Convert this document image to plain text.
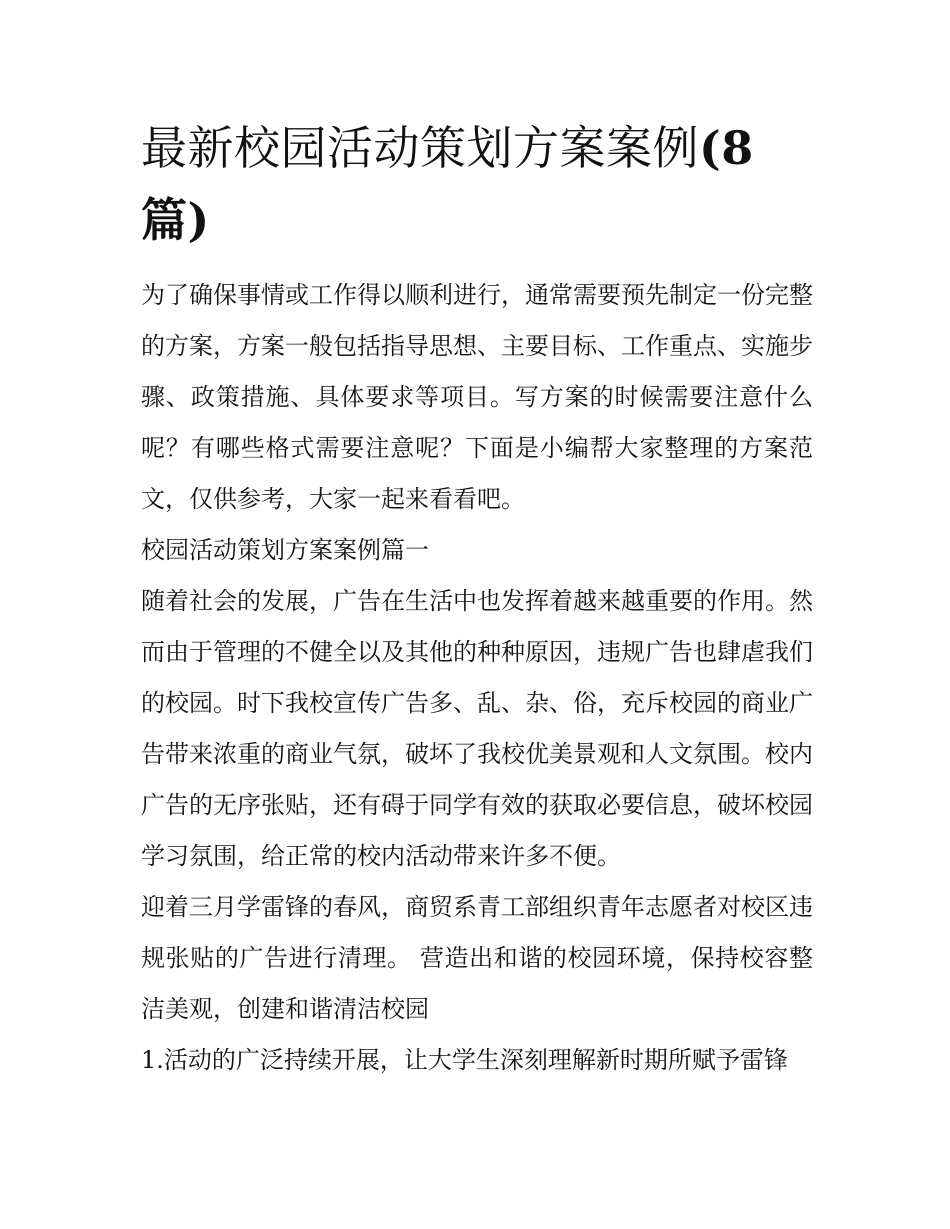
最新校园活动策划方案案例(8篇)

为了确保事情或工作得以顺利进行，通常需要预先制定一份完整的方案，方案一般包括指导思想、主要目标、工作重点、实施步骤、政策措施、具体要求等项目。写方案的时候需要注意什么呢？有哪些格式需要注意呢？下面是小编帮大家整理的方案范文，仅供参考，大家一起来看看吧。

校园活动策划方案案例篇一

随着社会的发展，广告在生活中也发挥着越来越重要的作用。然而由于管理的不健全以及其他的种种原因，违规广告也肆虐我们的校园。时下我校宣传广告多、乱、杂、俗，充斥校园的商业广告带来浓重的商业气氛，破坏了我校优美景观和人文氛围。校内广告的无序张贴，还有碍于同学有效的获取必要信息，破坏校园学习氛围，给正常的校内活动带来许多不便。

迎着三月学雷锋的春风，商贸系青工部组织青年志愿者对校区违规张贴的广告进行清理。 营造出和谐的校园环境，保持校容整洁美观，创建和谐清洁校园

1.活动的广泛持续开展，让大学生深刻理解新时期所赋予雷锋
